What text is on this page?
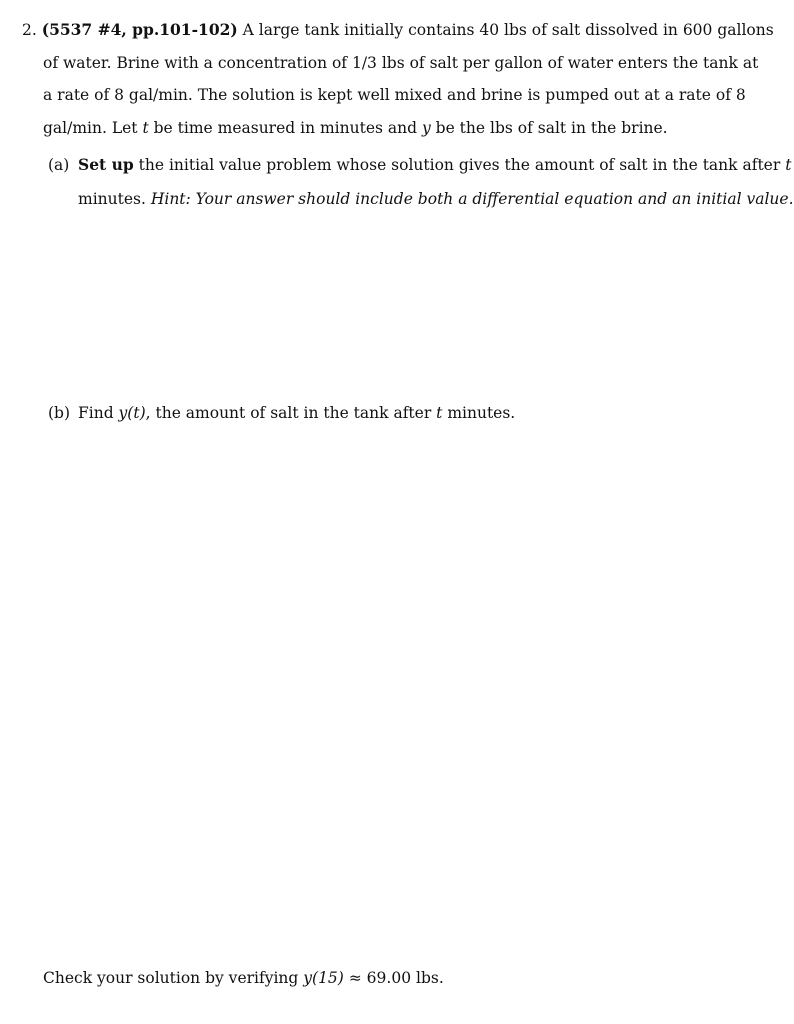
2. (5537 #4, pp.101-102) A large tank initially contains 40 lbs of salt dissolved in 600 gallons
of water. Brine with a concentration of 1/3 lbs of salt per gallon of water enters the tank at
a rate of 8 gal/min. The solution is kept well mixed and brine is pumped out at a rate of 8
gal/min. Let t be time measured in minutes and y be the lbs of salt in the brine.
(a) Set up the initial value problem whose solution gives the amount of salt in the tank after t
minutes. Hint: Your answer should include both a differential equation and an initial value.
(b) Find y(t), the amount of salt in the tank after t minutes.
Check your solution by verifying y(15) ≈ 69.00 lbs.
